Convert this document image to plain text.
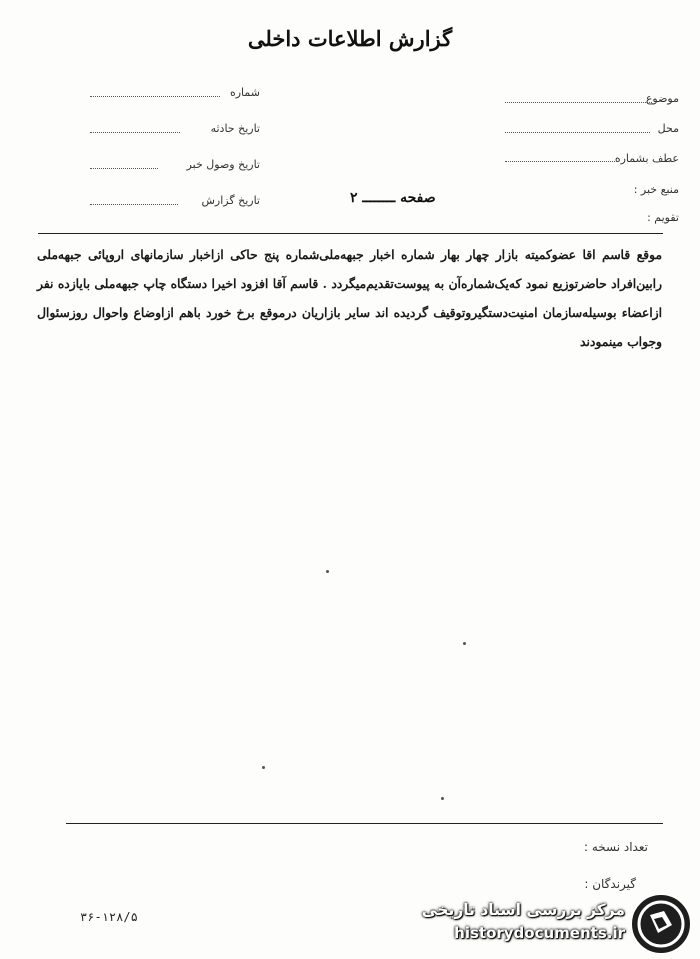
گزارش اطلاعات داخلی
موضوع
محل
عطف بشماره
منبع خبر :
تقویم :
شماره
تاریخ حادثه
تاریخ وصول خبر
تاریخ گزارش	صفحه ــــــــ ۲
موقع قاسم اقا عضوکمیته بازار چهار بهار شماره اخبار جبهه‌ملی‌شماره پنج حاکی ازاخبار سازمانهای اروپائی جبهه‌ملی را‌بین‌افراد حاضرتوزیع نمود که‌یک‌شماره‌آن به پیوست‌تقدیم‌میگردد . قاسم آقا افزود اخیرا دستگاه چاپ جبهه‌ملی بایازده نفر ازاعضاء بوسیله‌سازمان امنیت‌دستگیروتوقیف گردیده اند سایر بازاریان درموقع برخ خورد باهم ازاوضاع واحوال روزسئوال وجواب مینمودند
تعداد نسخه :
گیرندگان :
۳۶-۱۲۸/۵	مرکز بررسی اسناد تاریخی
historydocuments.ir
